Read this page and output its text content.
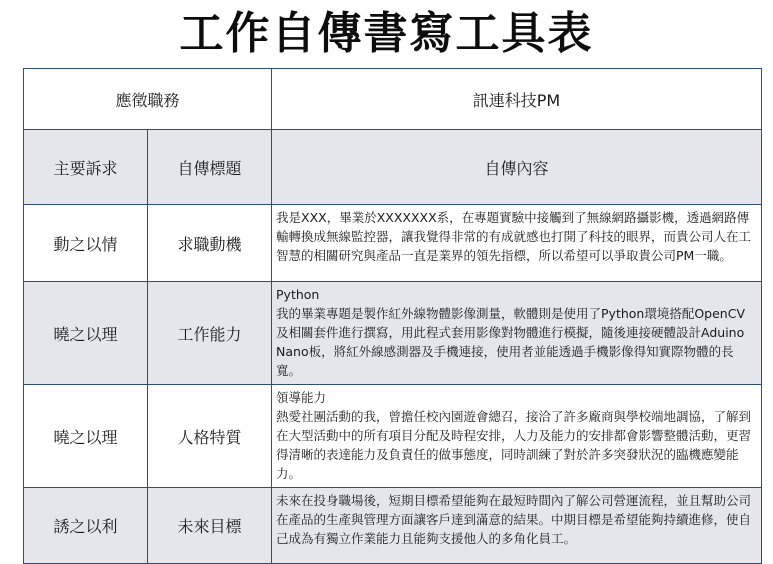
工作自傳書寫工具表
應徵職務		訊連科技PM
主要訴求	自傳標題	自傳內容
動之以情	求職動機	我是XXX，畢業於XXXXXXX系，在專題實驗中接觸到了無線網路攝影機，透過網路傳輸轉換成無線監控器，讓我覺得非常的有成就感也打開了科技的眼界，而貴公司人在工智慧的相關研究與產品一直是業界的領先指標，所以希望可以爭取貴公司PM一職。
曉之以理	工作能力	Python
我的畢業專題是製作紅外線物體影像測量，軟體則是使用了Python環境搭配OpenCV及相關套件進行撰寫，用此程式套用影像對物體進行模擬，隨後連接硬體設計Aduino Nano板，將紅外線感測器及手機連接，使用者並能透過手機影像得知實際物體的長寬。
曉之以理	人格特質	領導能力
熱愛社團活動的我，曾擔任校內園遊會總召，接洽了許多廠商與學校端地調協，了解到在大型活動中的所有項目分配及時程安排，人力及能力的安排都會影響整體活動，更習得清晰的表達能力及負責任的做事態度，同時訓練了對於許多突發狀況的臨機應變能力。
誘之以利	未來目標	未來在投身職場後，短期目標希望能夠在最短時間內了解公司營運流程，並且幫助公司在產品的生產與管理方面讓客戶達到滿意的結果。中期目標是希望能夠持續進修，使自己成為有獨立作業能力且能夠支援他人的多角化員工。
